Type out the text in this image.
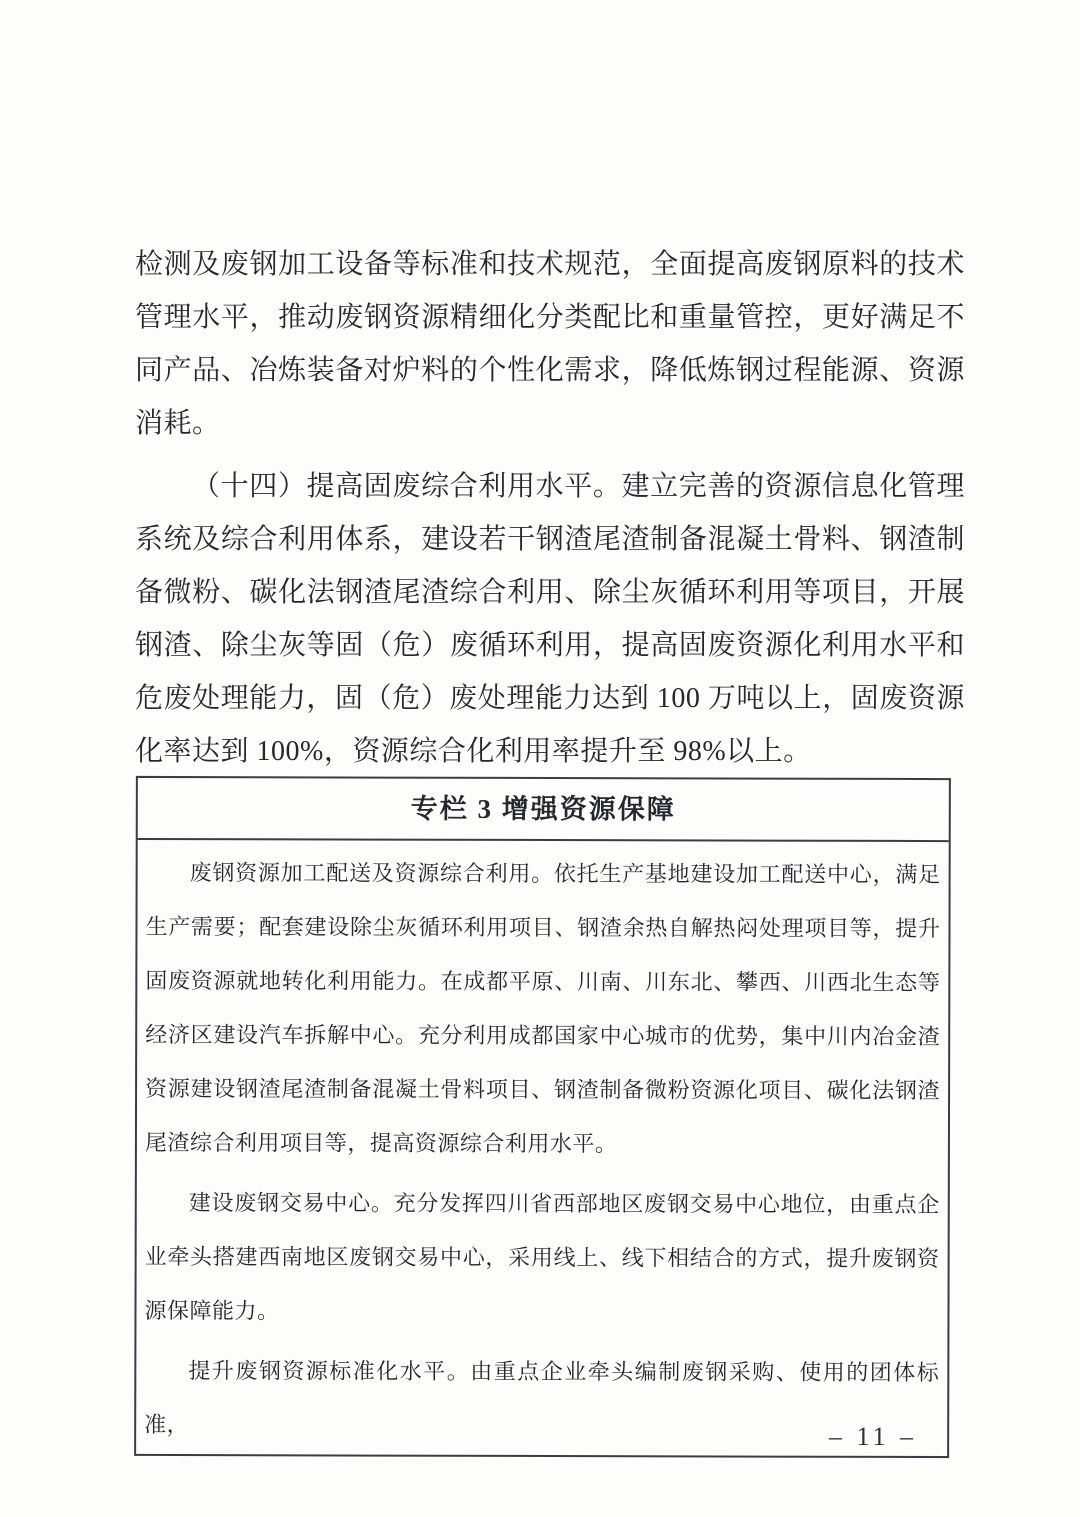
检测及废钢加工设备等标准和技术规范，全面提高废钢原料的技术管理水平，推动废钢资源精细化分类配比和重量管控，更好满足不同产品、冶炼装备对炉料的个性化需求，降低炼钢过程能源、资源消耗。

（十四）提高固废综合利用水平。建立完善的资源信息化管理系统及综合利用体系，建设若干钢渣尾渣制备混凝土骨料、钢渣制备微粉、碳化法钢渣尾渣综合利用、除尘灰循环利用等项目，开展钢渣、除尘灰等固（危）废循环利用，提高固废资源化利用水平和危废处理能力，固（危）废处理能力达到 100 万吨以上，固废资源化率达到 100%，资源综合化利用率提升至 98%以上。

专栏 3 增强资源保障

废钢资源加工配送及资源综合利用。依托生产基地建设加工配送中心，满足生产需要；配套建设除尘灰循环利用项目、钢渣余热自解热闷处理项目等，提升固废资源就地转化利用能力。在成都平原、川南、川东北、攀西、川西北生态等经济区建设汽车拆解中心。充分利用成都国家中心城市的优势，集中川内冶金渣资源建设钢渣尾渣制备混凝土骨料项目、钢渣制备微粉资源化项目、碳化法钢渣尾渣综合利用项目等，提高资源综合利用水平。

建设废钢交易中心。充分发挥四川省西部地区废钢交易中心地位，由重点企业牵头搭建西南地区废钢交易中心，采用线上、线下相结合的方式，提升废钢资源保障能力。

提升废钢资源标准化水平。由重点企业牵头编制废钢采购、使用的团体标准，	– 11 –
